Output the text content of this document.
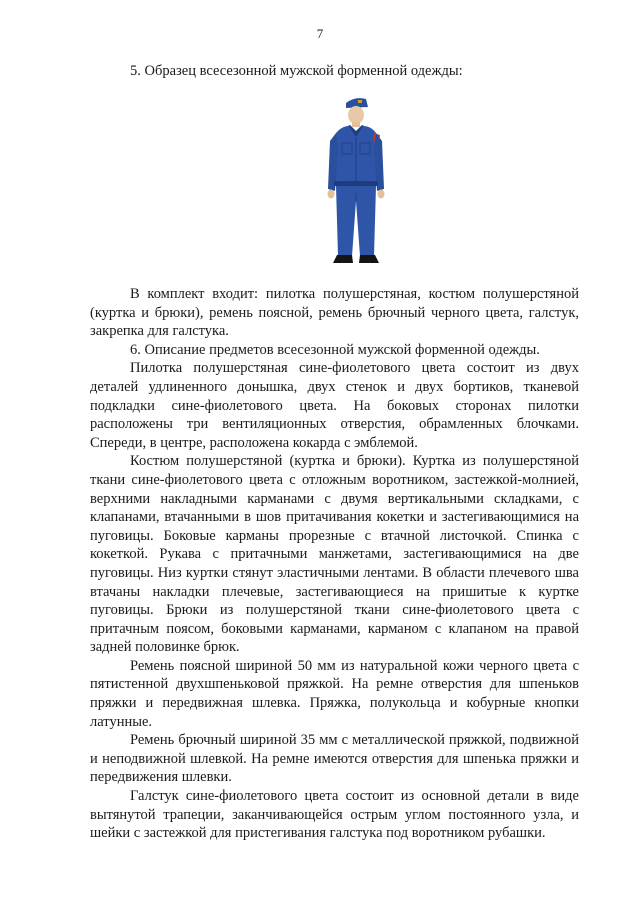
7
5. Образец всесезонной мужской форменной одежды:

В комплект входит: пилотка полушерстяная, костюм полушерстяной (куртка и брюки), ремень поясной, ремень брючный черного цвета, галстук, закрепка для галстука.

6. Описание предметов всесезонной мужской форменной одежды.

Пилотка полушерстяная сине-фиолетового цвета состоит из двух деталей удлиненного донышка, двух стенок и двух бортиков, тканевой подкладки сине-фиолетового цвета. На боковых сторонах пилотки расположены три вентиляционных отверстия, обрамленных блочками. Спереди, в центре, расположена кокарда с эмблемой.

Костюм полушерстяной (куртка и брюки). Куртка из полушерстяной ткани сине-фиолетового цвета с отложным воротником, застежкой-молнией, верхними накладными карманами с двумя вертикальными складками, с клапанами, втачанными в шов притачивания кокетки и застегивающимися на пуговицы. Боковые карманы прорезные с втачной листочкой. Спинка с кокеткой. Рукава с притачными манжетами, застегивающимися на две пуговицы. Низ куртки стянут эластичными лентами. В области плечевого шва втачаны накладки плечевые, застегивающиеся на пришитые к куртке пуговицы. Брюки из полушерстяной ткани сине-фиолетового цвета с притачным поясом, боковыми карманами, карманом с клапаном на правой задней половинке брюк.

Ремень поясной шириной 50 мм из натуральной кожи черного цвета с пятистенной двухшпеньковой пряжкой. На ремне отверстия для шпеньков пряжки и передвижная шлевка. Пряжка, полукольца и кобурные кнопки латунные.

Ремень брючный шириной 35 мм с металлической пряжкой, подвижной и неподвижной шлевкой. На ремне имеются отверстия для шпенька пряжки и передвижения шлевки.

Галстук сине-фиолетового цвета состоит из основной детали в виде вытянутой трапеции, заканчивающейся острым углом постоянного узла, и шейки с застежкой для пристегивания галстука под воротником рубашки.
